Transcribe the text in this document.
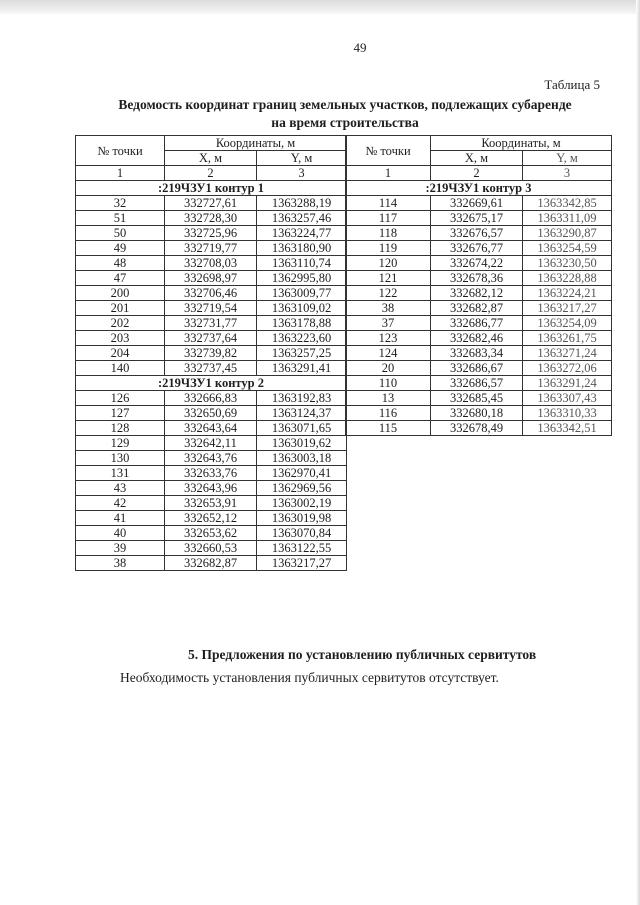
49
Таблица 5
Ведомость координат границ земельных участков, подлежащих субаренде
на время строительства
№ точки	Координаты, м	
	X, м	Y, м
1	2	3
:219ЧЗУ1 контур 1		
32	332727,61	1363288,19
51	332728,30	1363257,46
50	332725,96	1363224,77
49	332719,77	1363180,90
48	332708,03	1363110,74
47	332698,97	1362995,80
200	332706,46	1363009,77
201	332719,54	1363109,02
202	332731,77	1363178,88
203	332737,64	1363223,60
204	332739,82	1363257,25
140	332737,45	1363291,41
:219ЧЗУ1 контур 2		
126	332666,83	1363192,83
127	332650,69	1363124,37
128	332643,64	1363071,65
129	332642,11	1363019,62
130	332643,76	1363003,18
131	332633,76	1362970,41
43	332643,96	1362969,56
42	332653,91	1363002,19
41	332652,12	1363019,98
40	332653,62	1363070,84
39	332660,53	1363122,55
38	332682,87	1363217,27
№ точки	Координаты, м	
	X, м	Y, м
1	2	3
:219ЧЗУ1 контур 3		
114	332669,61	1363342,85
117	332675,17	1363311,09
118	332676,57	1363290,87
119	332676,77	1363254,59
120	332674,22	1363230,50
121	332678,36	1363228,88
122	332682,12	1363224,21
38	332682,87	1363217,27
37	332686,77	1363254,09
123	332682,46	1363261,75
124	332683,34	1363271,24
20	332686,67	1363272,06
110	332686,57	1363291,24
13	332685,45	1363307,43
116	332680,18	1363310,33
115	332678,49	1363342,51
5. Предложения по установлению публичных сервитутов
Необходимость установления публичных сервитутов отсутствует.
